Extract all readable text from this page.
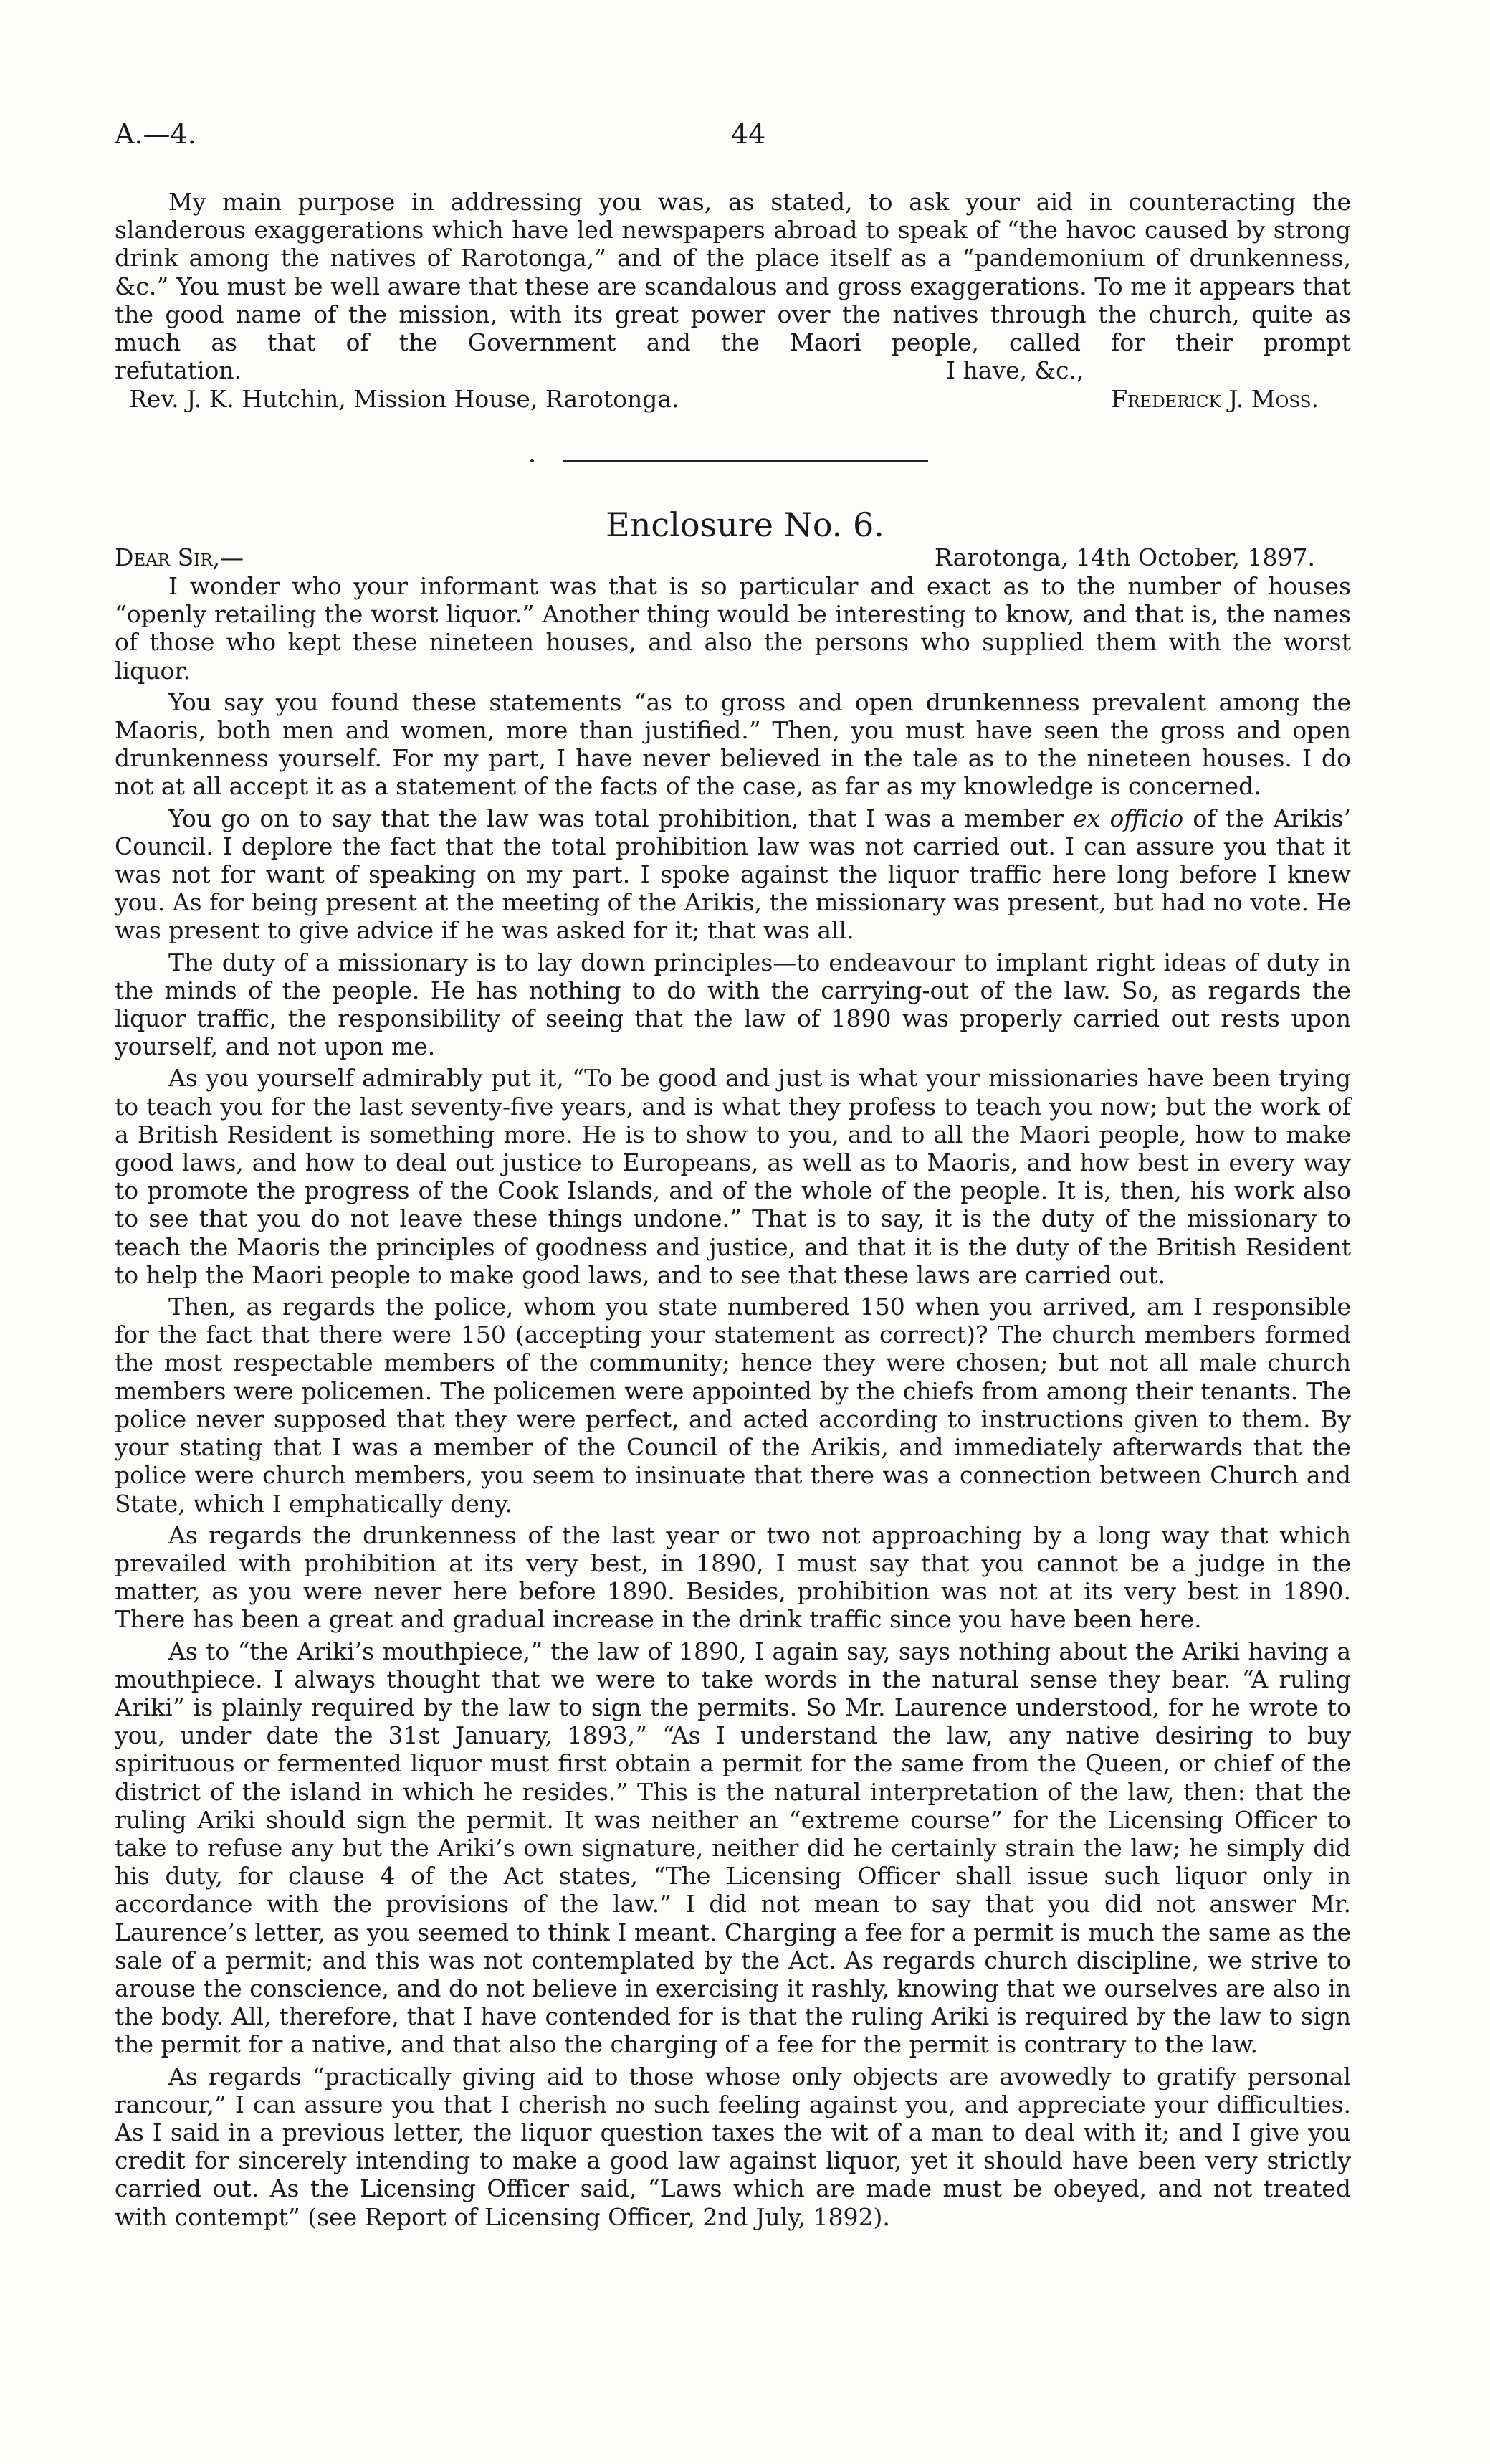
A.—4.	44

My main purpose in addressing you was, as stated, to ask your aid in counteracting the slanderous exaggerations which have led newspapers abroad to speak of “the havoc caused by strong drink among the natives of Rarotonga,” and of the place itself as a “pandemonium of drunkenness, &c.” You must be well aware that these are scandalous and gross exaggerations. To me it appears that the good name of the mission, with its great power over the natives through the church, quite as much as that of the Government and the Maori people, called for their prompt

refutation.	I have, &c.,
Rev. J. K. Hutchin, Mission House, Rarotonga.	Frederick J. Moss.
Enclosure No. 6.
Dear Sir,—	Rarotonga, 14th October, 1897.

I wonder who your informant was that is so particular and exact as to the number of houses “openly retailing the worst liquor.” Another thing would be interesting to know, and that is, the names of those who kept these nineteen houses, and also the persons who supplied them with the worst liquor.

You say you found these statements “as to gross and open drunkenness prevalent among the Maoris, both men and women, more than justified.” Then, you must have seen the gross and open drunkenness yourself. For my part, I have never believed in the tale as to the nineteen houses. I do not at all accept it as a statement of the facts of the case, as far as my knowledge is concerned.

You go on to say that the law was total prohibition, that I was a member ex officio of the Arikis’ Council. I deplore the fact that the total prohibition law was not carried out. I can assure you that it was not for want of speaking on my part. I spoke against the liquor traffic here long before I knew you. As for being present at the meeting of the Arikis, the missionary was present, but had no vote. He was present to give advice if he was asked for it; that was all.

The duty of a missionary is to lay down principles—to endeavour to implant right ideas of duty in the minds of the people. He has nothing to do with the carrying-out of the law. So, as regards the liquor traffic, the responsibility of seeing that the law of 1890 was properly carried out rests upon yourself, and not upon me.

As you yourself admirably put it, “To be good and just is what your missionaries have been trying to teach you for the last seventy-five years, and is what they profess to teach you now; but the work of a British Resident is something more. He is to show to you, and to all the Maori people, how to make good laws, and how to deal out justice to Europeans, as well as to Maoris, and how best in every way to promote the progress of the Cook Islands, and of the whole of the people. It is, then, his work also to see that you do not leave these things undone.” That is to say, it is the duty of the missionary to teach the Maoris the principles of goodness and justice, and that it is the duty of the British Resident to help the Maori people to make good laws, and to see that these laws are carried out.

Then, as regards the police, whom you state numbered 150 when you arrived, am I responsible for the fact that there were 150 (accepting your statement as correct)? The church members formed the most respectable members of the community; hence they were chosen; but not all male church members were policemen. The policemen were appointed by the chiefs from among their tenants. The police never supposed that they were perfect, and acted according to instructions given to them. By your stating that I was a member of the Council of the Arikis, and immediately afterwards that the police were church members, you seem to insinuate that there was a connection between Church and State, which I emphatically deny.

As regards the drunkenness of the last year or two not approaching by a long way that which prevailed with prohibition at its very best, in 1890, I must say that you cannot be a judge in the matter, as you were never here before 1890. Besides, prohibition was not at its very best in 1890. There has been a great and gradual increase in the drink traffic since you have been here.

As to “the Ariki’s mouthpiece,” the law of 1890, I again say, says nothing about the Ariki having a mouthpiece. I always thought that we were to take words in the natural sense they bear. “A ruling Ariki” is plainly required by the law to sign the permits. So Mr. Laurence understood, for he wrote to you, under date the 31st January, 1893,” “As I understand the law, any native desiring to buy spirituous or fermented liquor must first obtain a permit for the same from the Queen, or chief of the district of the island in which he resides.” This is the natural interpretation of the law, then: that the ruling Ariki should sign the permit. It was neither an “extreme course” for the Licensing Officer to take to refuse any but the Ariki’s own signature, neither did he certainly strain the law; he simply did his duty, for clause 4 of the Act states, “The Licensing Officer shall issue such liquor only in accordance with the provisions of the law.” I did not mean to say that you did not answer Mr. Laurence’s letter, as you seemed to think I meant. Charging a fee for a permit is much the same as the sale of a permit; and this was not contemplated by the Act. As regards church discipline, we strive to arouse the conscience, and do not believe in exercising it rashly, knowing that we ourselves are also in the body. All, therefore, that I have contended for is that the ruling Ariki is required by the law to sign the permit for a native, and that also the charging of a fee for the permit is contrary to the law.

As regards “practically giving aid to those whose only objects are avowedly to gratify personal rancour,” I can assure you that I cherish no such feeling against you, and appreciate your difficulties. As I said in a previous letter, the liquor question taxes the wit of a man to deal with it; and I give you credit for sincerely intending to make a good law against liquor, yet it should have been very strictly carried out. As the Licensing Officer said, “Laws which are made must be obeyed, and not treated with contempt” (see Report of Licensing Officer, 2nd July, 1892).
